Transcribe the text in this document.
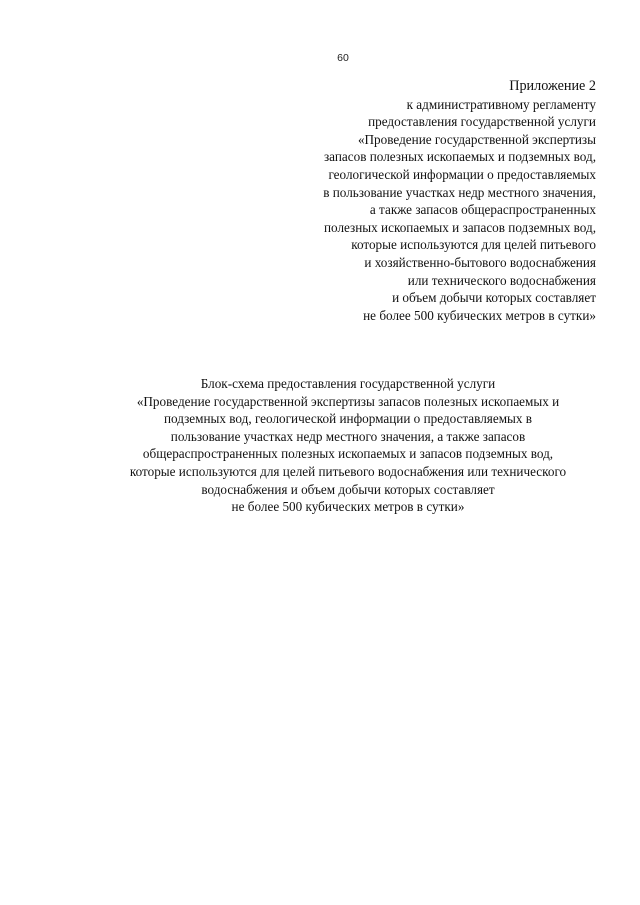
60
Приложение 2
к административному регламенту
предоставления государственной услуги
«Проведение государственной экспертизы
запасов полезных ископаемых и подземных вод,
геологической информации о предоставляемых
в пользование участках недр местного значения,
а также запасов общераспространенных
полезных ископаемых и запасов подземных вод,
которые используются для целей питьевого
и хозяйственно-бытового водоснабжения
или технического водоснабжения
и объем добычи которых составляет
не более 500 кубических метров в сутки»
Блок-схема предоставления государственной услуги
«Проведение государственной экспертизы запасов полезных ископаемых и
подземных вод, геологической информации о предоставляемых в
пользование участках недр местного значения, а также запасов
общераспространенных полезных ископаемых и запасов подземных вод,
которые используются для целей питьевого водоснабжения или технического
водоснабжения и объем добычи которых составляет
не более 500 кубических метров в сутки»
